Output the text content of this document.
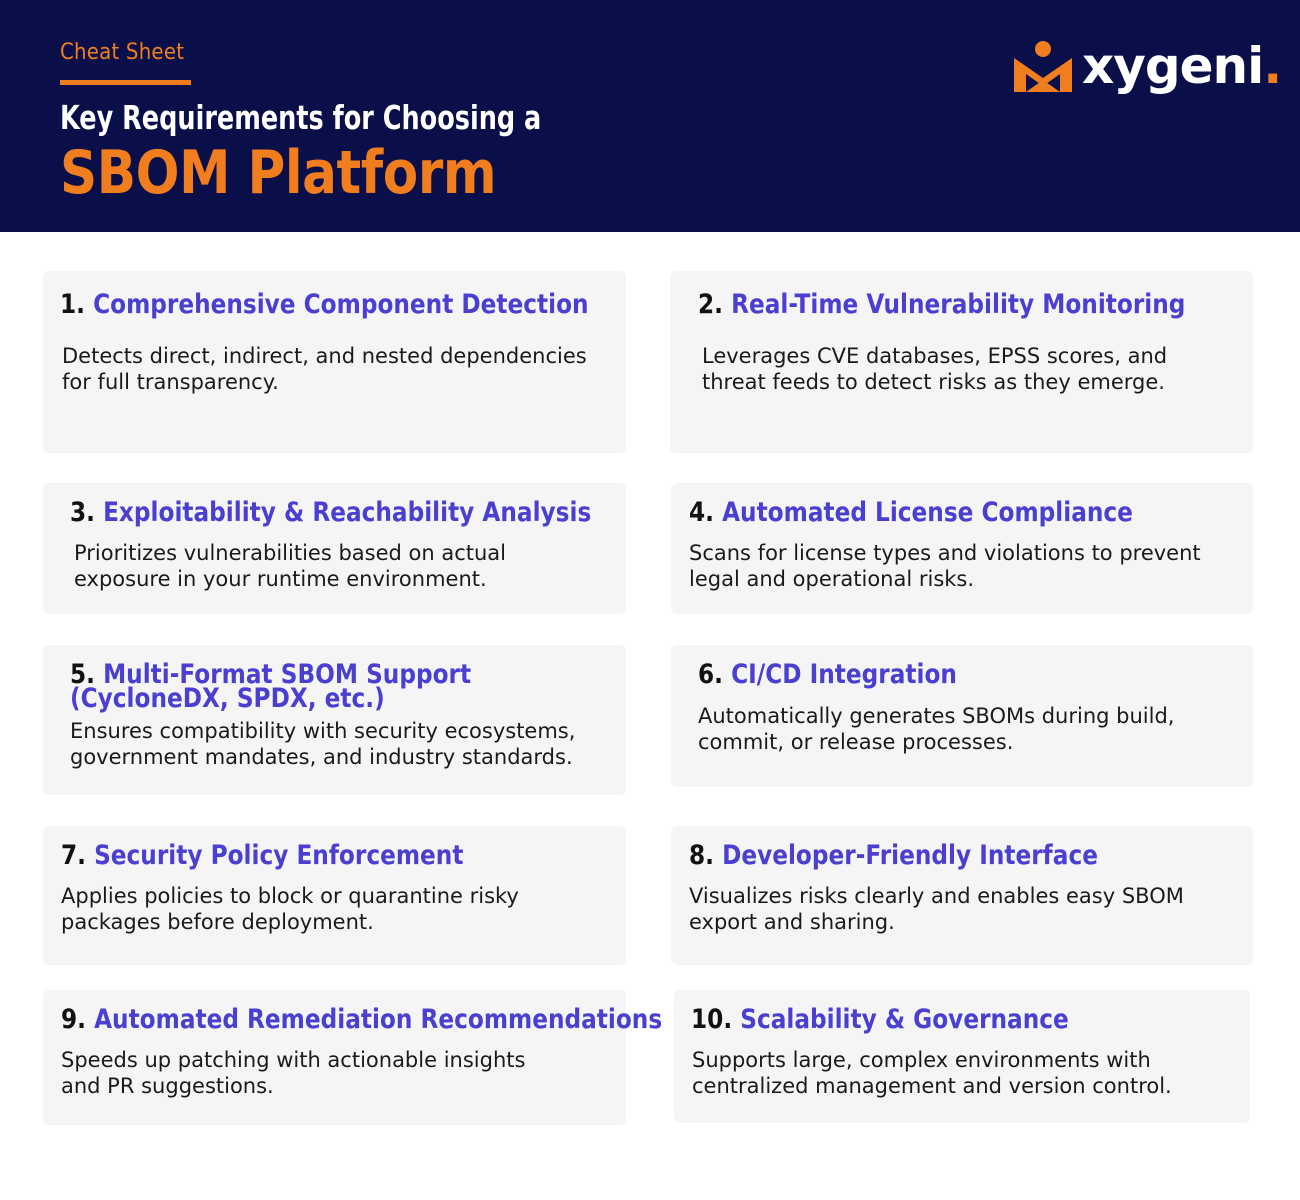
Cheat Sheet
Key Requirements for Choosing a
SBOM Platform
xygeni.
1. Comprehensive Component Detection
Detects direct, indirect, and nested dependencies for full transparency.
2. Real-Time Vulnerability Monitoring
Leverages CVE databases, EPSS scores, and threat feeds to detect risks as they emerge.
3. Exploitability & Reachability Analysis
Prioritizes vulnerabilities based on actual exposure in your runtime environment.
4. Automated License Compliance
Scans for license types and violations to prevent legal and operational risks.
5. Multi-Format SBOM Support (CycloneDX, SPDX, etc.)
Ensures compatibility with security ecosystems, government mandates, and industry standards.
6. CI/CD Integration
Automatically generates SBOMs during build, commit, or release processes.
7. Security Policy Enforcement
Applies policies to block or quarantine risky packages before deployment.
8. Developer-Friendly Interface
Visualizes risks clearly and enables easy SBOM export and sharing.
9. Automated Remediation Recommendations
Speeds up patching with actionable insights and PR suggestions.
10. Scalability & Governance
Supports large, complex environments with centralized management and version control.
